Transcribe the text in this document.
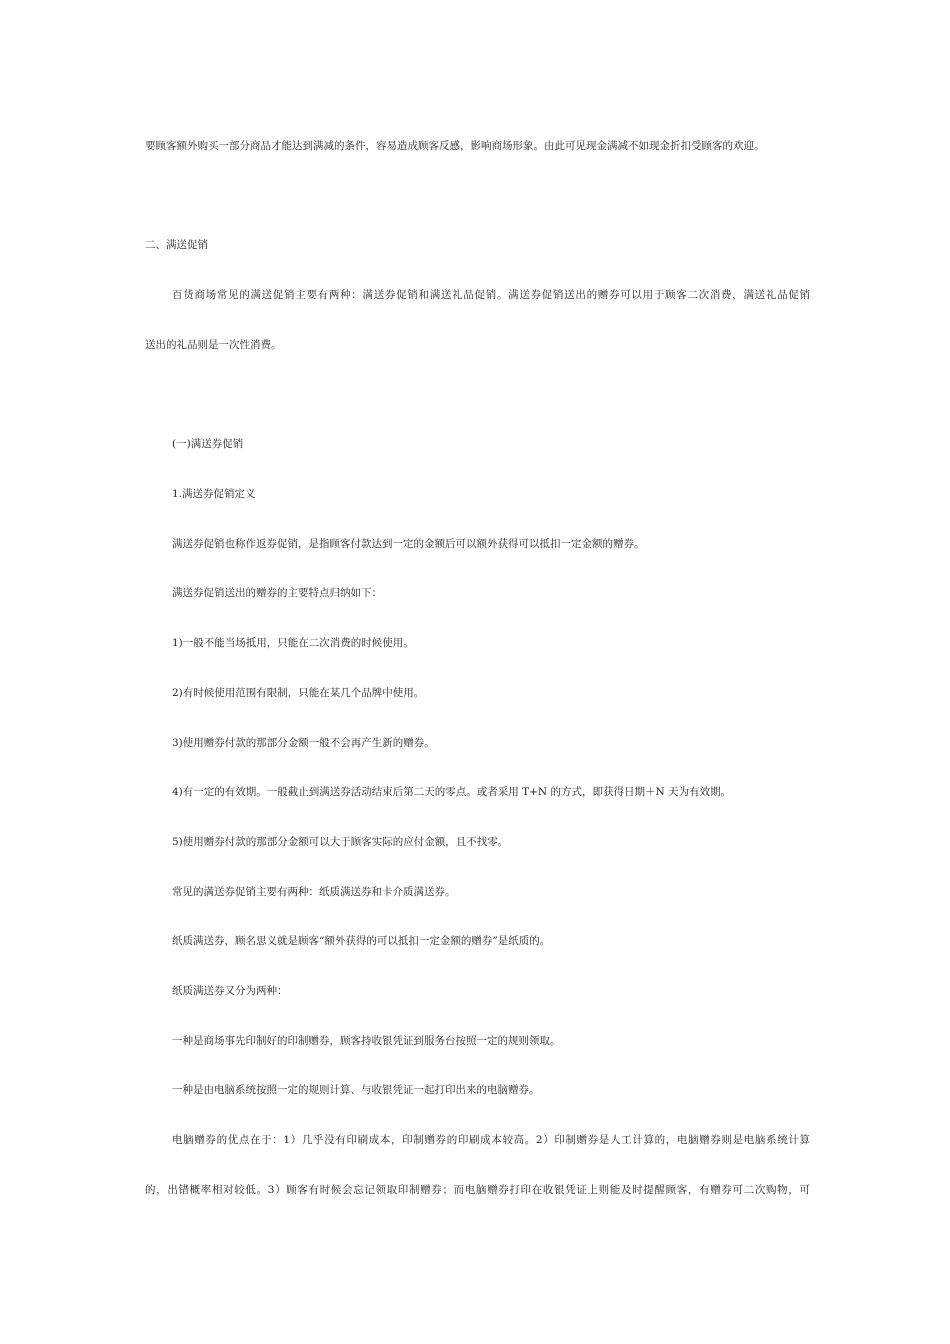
要顾客额外购买一部分商品才能达到满减的条件，容易造成顾客反感，影响商场形象。由此可见现金满减不如现金折扣受顾客的欢迎。
二、满送促销
百货商场常见的满送促销主要有两种：满送券促销和满送礼品促销。满送券促销送出的赠券可以用于顾客二次消费，满送礼品促销
送出的礼品则是一次性消费。
(一)满送券促销
1.满送券促销定义
满送券促销也称作返券促销，是指顾客付款达到一定的金额后可以额外获得可以抵扣一定金额的赠券。
满送券促销送出的赠券的主要特点归纳如下：
1)一般不能当场抵用，只能在二次消费的时候使用。
2)有时候使用范围有限制，只能在某几个品牌中使用。
3)使用赠券付款的那部分金额一般不会再产生新的赠券。
4)有一定的有效期。一般截止到满送券活动结束后第二天的零点。或者采用 T+N 的方式，即获得日期＋N 天为有效期。
5)使用赠券付款的那部分金额可以大于顾客实际的应付金额，且不找零。
常见的满送券促销主要有两种：纸质满送券和卡介质满送券。
纸质满送券，顾名思义就是顾客“额外获得的可以抵扣一定金额的赠券”是纸质的。
纸质满送券又分为两种：
一种是商场事先印制好的印制赠券，顾客持收银凭证到服务台按照一定的规则领取。
一种是由电脑系统按照一定的规则计算、与收银凭证一起打印出来的电脑赠券。
电脑赠券的优点在于：1）几乎没有印刷成本，印制赠券的印刷成本较高。2）印制赠券是人工计算的，电脑赠券则是电脑系统计算
的，出错概率相对较低。3）顾客有时候会忘记领取印制赠券；而电脑赠券打印在收银凭证上则能及时提醒顾客，有赠券可二次购物，可
